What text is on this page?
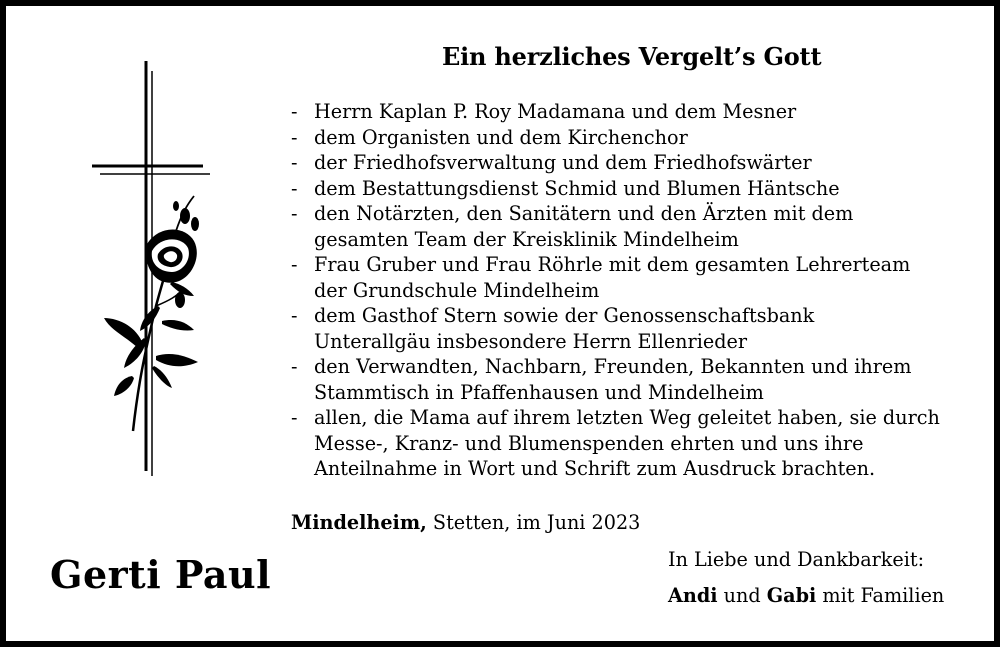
Ein herzliches Vergelt’s Gott
- Herrn Kaplan P. Roy Madamana und dem Mesner
- dem Organisten und dem Kirchenchor
- der Friedhofsverwaltung und dem Friedhofswärter
- dem Bestattungsdienst Schmid und Blumen Häntsche
- den Notärzten, den Sanitätern und den Ärzten mit dem
gesamten Team der Kreisklinik Mindelheim
- Frau Gruber und Frau Röhrle mit dem gesamten Lehrerteam
der Grundschule Mindelheim
- dem Gasthof Stern sowie der Genossenschaftsbank
Unterallgäu insbesondere Herrn Ellenrieder
- den Verwandten, Nachbarn, Freunden, Bekannten und ihrem
Stammtisch in Pfaffenhausen und Mindelheim
- allen, die Mama auf ihrem letzten Weg geleitet haben, sie durch
Messe-, Kranz- und Blumenspenden ehrten und uns ihre
Anteilnahme in Wort und Schrift zum Ausdruck brachten.
Mindelheim, Stetten, im Juni 2023
Gerti Paul	In Liebe und Dankbarkeit:
Andi und Gabi mit Familien
